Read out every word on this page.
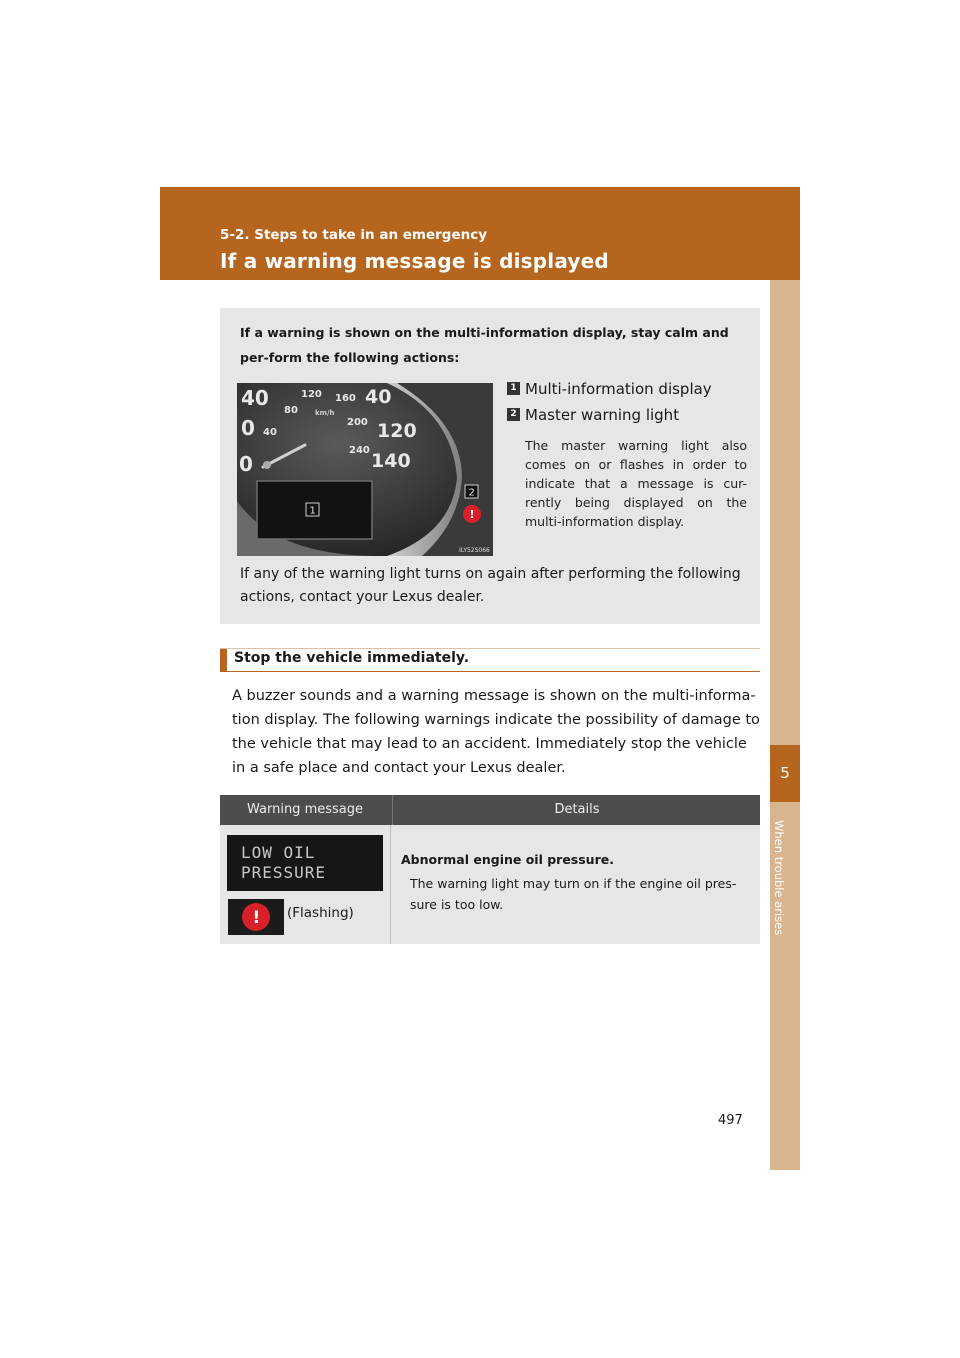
5-2. Steps to take in an emergency
If a warning message is displayed
5
When trouble arises
If a warning is shown on the multi-information display, stay calm and per-form the following actions:
40
80
120 160
200
240
0 40
km/h
40
120
140
0
1
2
!
ILY52S066
1 Multi-information display
2 Master warning light
The master warning light also comes on or flashes in order to indicate that a message is cur-rently being displayed on the multi-information display.
If any of the warning light turns on again after performing the following actions, contact your Lexus dealer.
Stop the vehicle immediately.
A buzzer sounds and a warning message is shown on the multi-informa-tion display. The following warnings indicate the possibility of damage to the vehicle that may lead to an accident. Immediately stop the vehicle in a safe place and contact your Lexus dealer.
Warning message	Details
LOW OIL
PRESSURE
! (Flashing)
Abnormal engine oil pressure.
The warning light may turn on if the engine oil pres-sure is too low.
497
